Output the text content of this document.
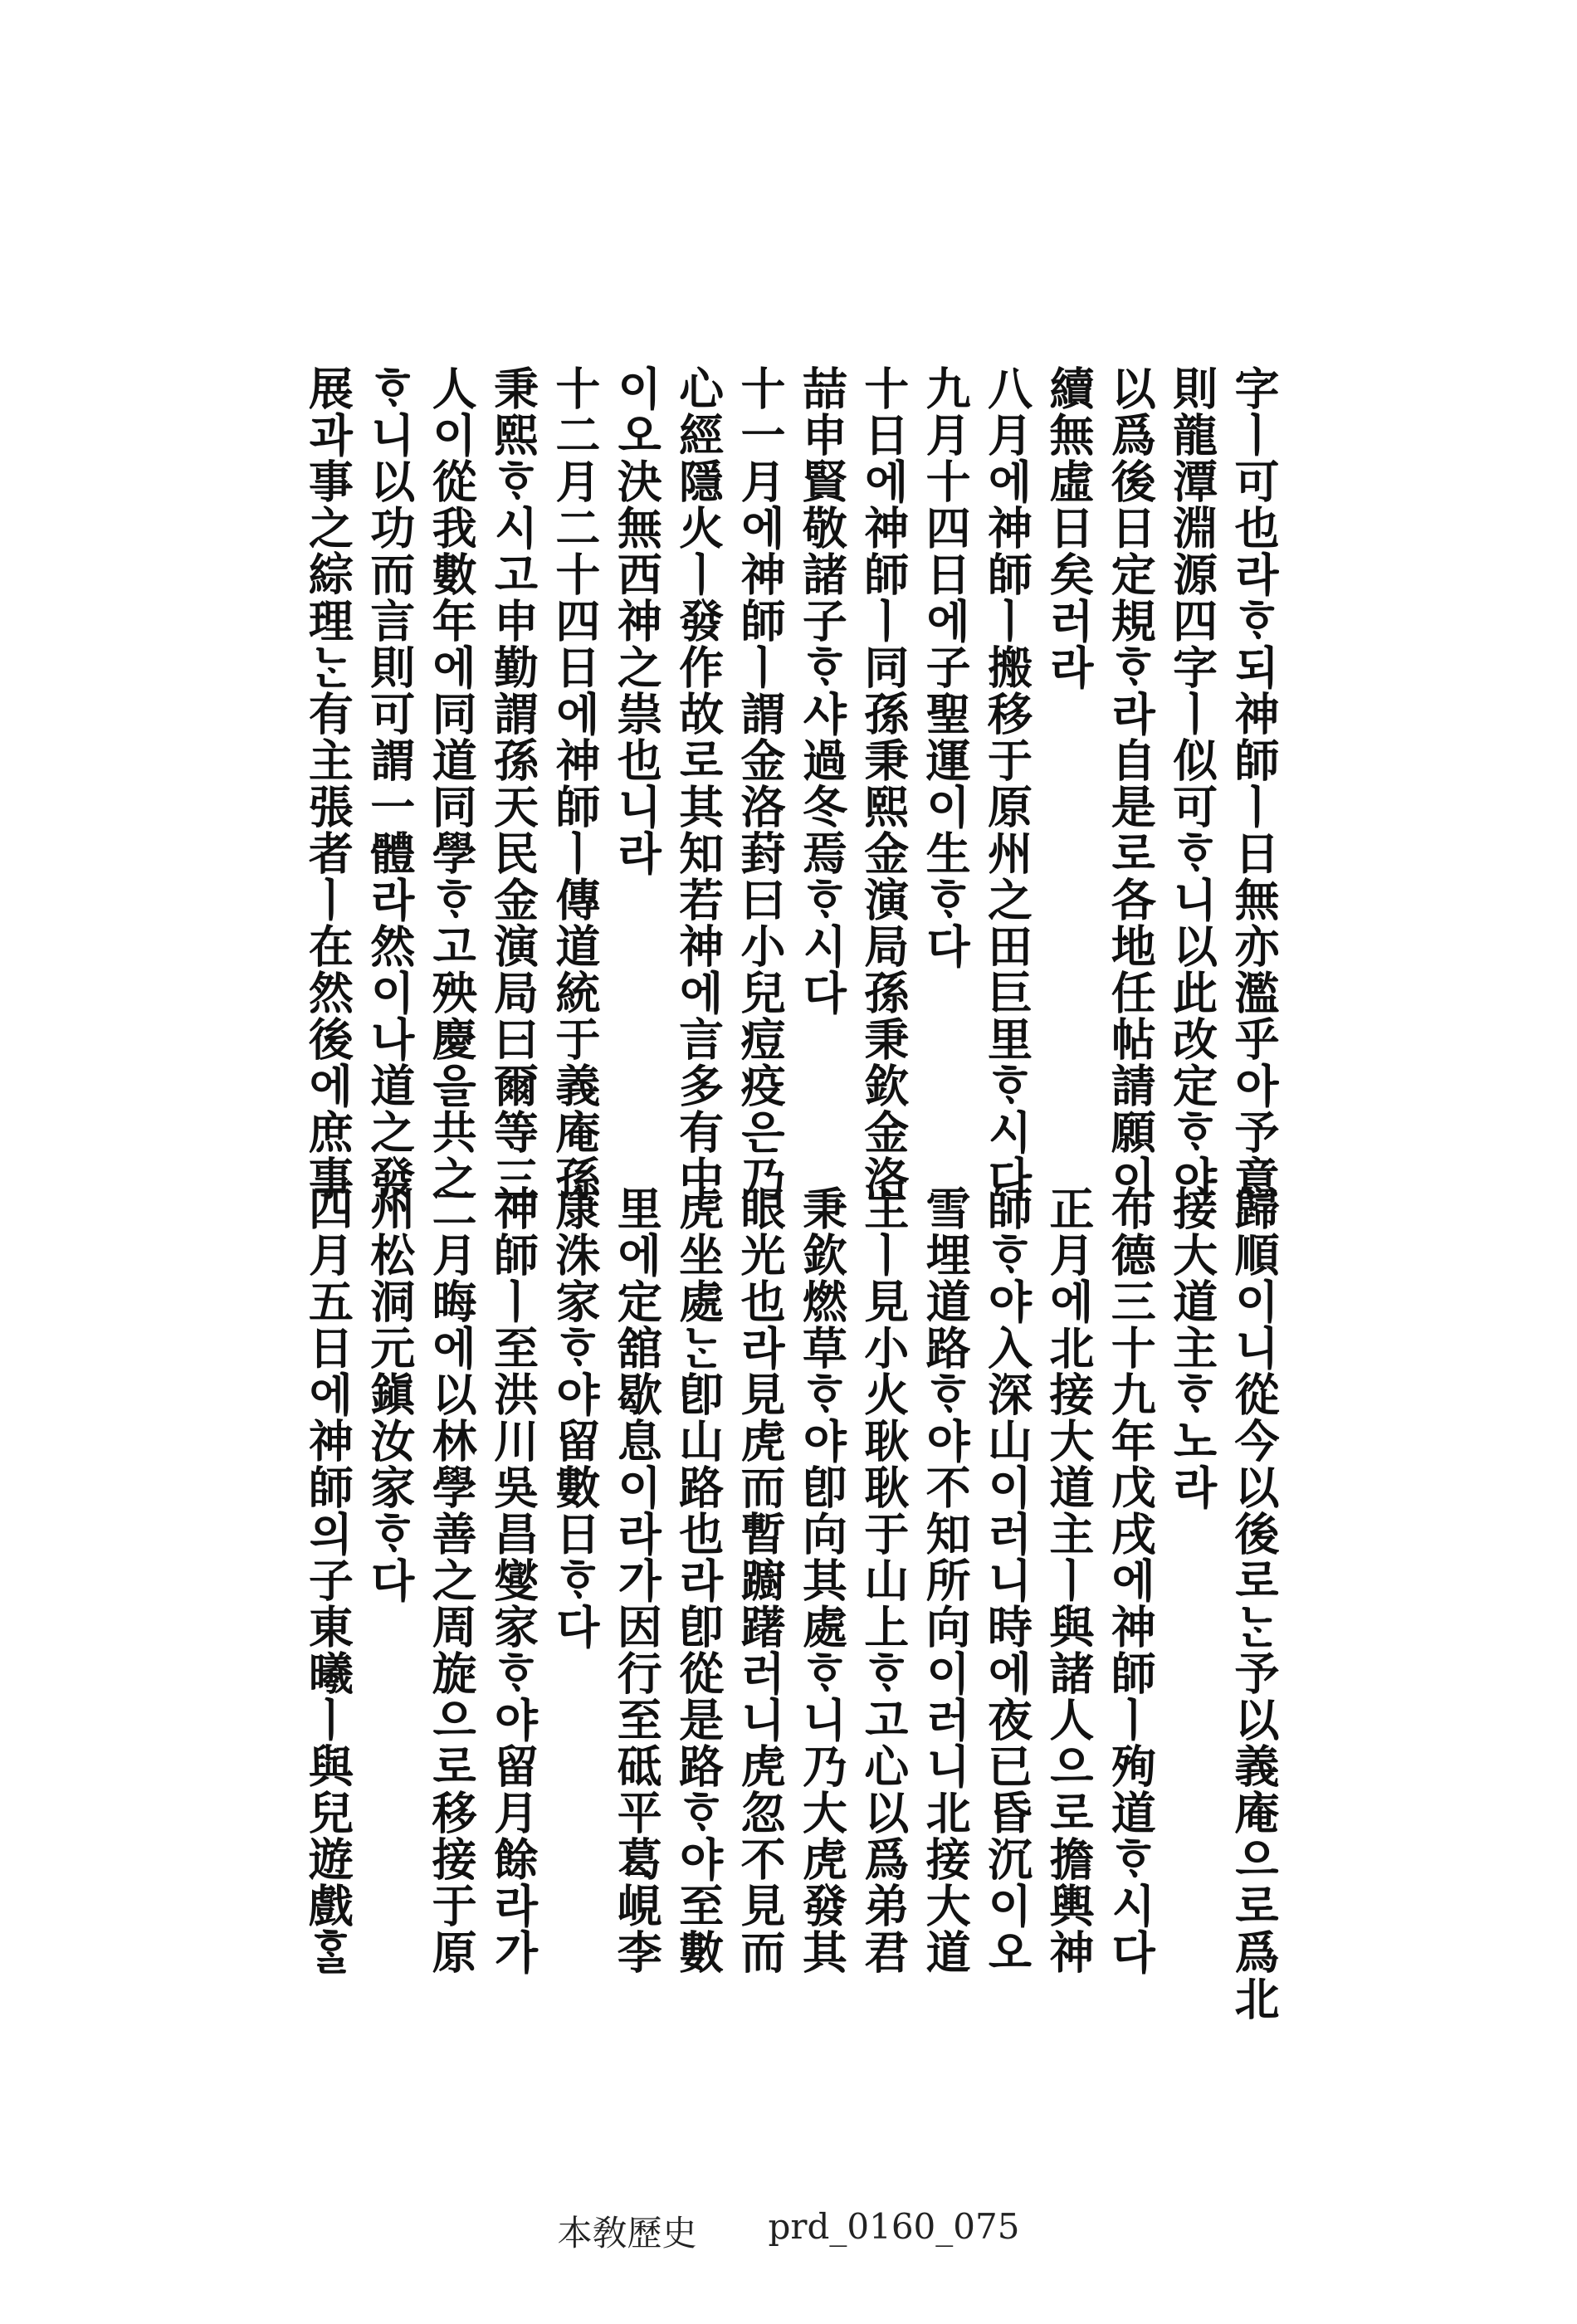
字ㅣ可也라ᄒᆞ되神師ㅣ日無亦濫乎아予意
則龍潭淵源四字ㅣ似可ᄒᆞ니以此改定ᄒᆞ야
以爲後日定規ᄒᆞ라自是로各地任帖請願이
續無虛日矣러라
八月에神師ㅣ搬移于原州之田巨里ᄒᆞ시다
九月十四日에子聖運이生ᄒᆞ다
十日에神師ㅣ同孫秉熙金演局孫秉欽金洛
喆申賢敬諸子ᄒᆞ샤過冬焉ᄒᆞ시다
十一月에神師ㅣ謂金洛葑曰小兒痘疫은乃
心經隱火ㅣ發作故로其知若神에言多有中
이오決無西神之祟也니라
十二月二十四日에神師ㅣ傳道統于義庵孫
秉熙ᄒᆞ시고申勤謂孫天民金演局曰爾等三
人이從我數年에同道同學ᄒᆞ고殃慶을共之
ᄒᆞ니以功而言則可謂一體라然이나道之發
展과事之綜理ᄂᆞᆫ有主張者ㅣ在然後에庶事
歸順이니從今以後로ᄂᆞᆫ予以義庵으로爲北
接大道主ᄒᆞ노라
布德三十九年戊戌에神師ㅣ殉道ᄒᆞ시다
正月에北接大道主ㅣ與諸人으로擔輿神
師ᄒᆞ야入深山이러니時에夜已昏沉이오
雪埋道路ᄒᆞ야不知所向이러니北接大道
主ㅣ見小火耿耿于山上ᄒᆞ고心以爲弟君
秉欽燃草ᄒᆞ야卽向其處ᄒᆞ니乃大虎發其
眼光也라見虎而暫躕躇러니虎忽不見而
虎坐處ᄂᆞᆫ卽山路也라卽從是路ᄒᆞ야至數
里에定舘歇息이라가因行至砥平葛峴李
康洙家ᄒᆞ야留數日ᄒᆞ다
神師ㅣ至洪川吳昌燮家ᄒᆞ야留月餘라가
二月晦에以林學善之周旋으로移接于原
州松洞元鎭汝家ᄒᆞ다
四月五日에神師의子東曦ㅣ與兒遊戲ᄒᆞᆯ
本敎歷史 prd_0160_075
